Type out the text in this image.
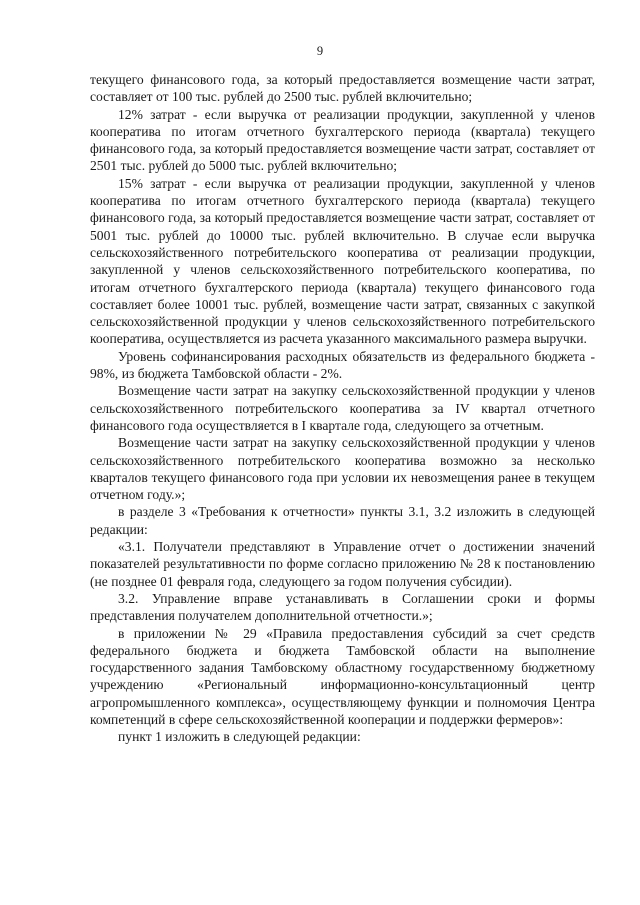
9

текущего финансового года, за который предоставляется возмещение части затрат, составляет от 100 тыс. рублей до 2500 тыс. рублей включительно;

12% затрат - если выручка от реализации продукции, закупленной у членов кооператива по итогам отчетного бухгалтерского периода (квартала) текущего финансового года, за который предоставляется возмещение части затрат, составляет от 2501 тыс. рублей до 5000 тыс. рублей включительно;

15% затрат - если выручка от реализации продукции, закупленной у членов кооператива по итогам отчетного бухгалтерского периода (квартала) текущего финансового года, за который предоставляется возмещение части затрат, составляет от 5001 тыс. рублей до 10000 тыс. рублей включительно. В случае если выручка сельскохозяйственного потребительского кооператива от реализации продукции, закупленной у членов сельскохозяйственного потребительского кооператива, по итогам отчетного бухгалтерского периода (квартала) текущего финансового года составляет более 10001 тыс. рублей, возмещение части затрат, связанных с закупкой сельскохозяйственной продукции у членов сельскохозяйственного потребительского кооператива, осуществляется из расчета указанного максимального размера выручки.

Уровень софинансирования расходных обязательств из федерального бюджета - 98%, из бюджета Тамбовской области - 2%.

Возмещение части затрат на закупку сельскохозяйственной продукции у членов сельскохозяйственного потребительского кооператива за IV квартал отчетного финансового года осуществляется в I квартале года, следующего за отчетным.

Возмещение части затрат на закупку сельскохозяйственной продукции у членов сельскохозяйственного потребительского кооператива возможно за несколько кварталов текущего финансового года при условии их невозмещения ранее в текущем отчетном году.»;

в разделе 3 «Требования к отчетности» пункты 3.1, 3.2 изложить в следующей редакции:

«3.1. Получатели представляют в Управление отчет о достижении значений показателей результативности по форме согласно приложению № 28 к постановлению (не позднее 01 февраля года, следующего за годом получения субсидии).

3.2. Управление вправе устанавливать в Соглашении сроки и формы представления получателем дополнительной отчетности.»;

в приложении № 29 «Правила предоставления субсидий за счет средств федерального бюджета и бюджета Тамбовской области на выполнение государственного задания Тамбовскому областному государственному бюджетному учреждению «Региональный информационно-консультационный центр агропромышленного комплекса», осуществляющему функции и полномочия Центра компетенций в сфере сельскохозяйственной кооперации и поддержки фермеров»:

пункт 1 изложить в следующей редакции:
